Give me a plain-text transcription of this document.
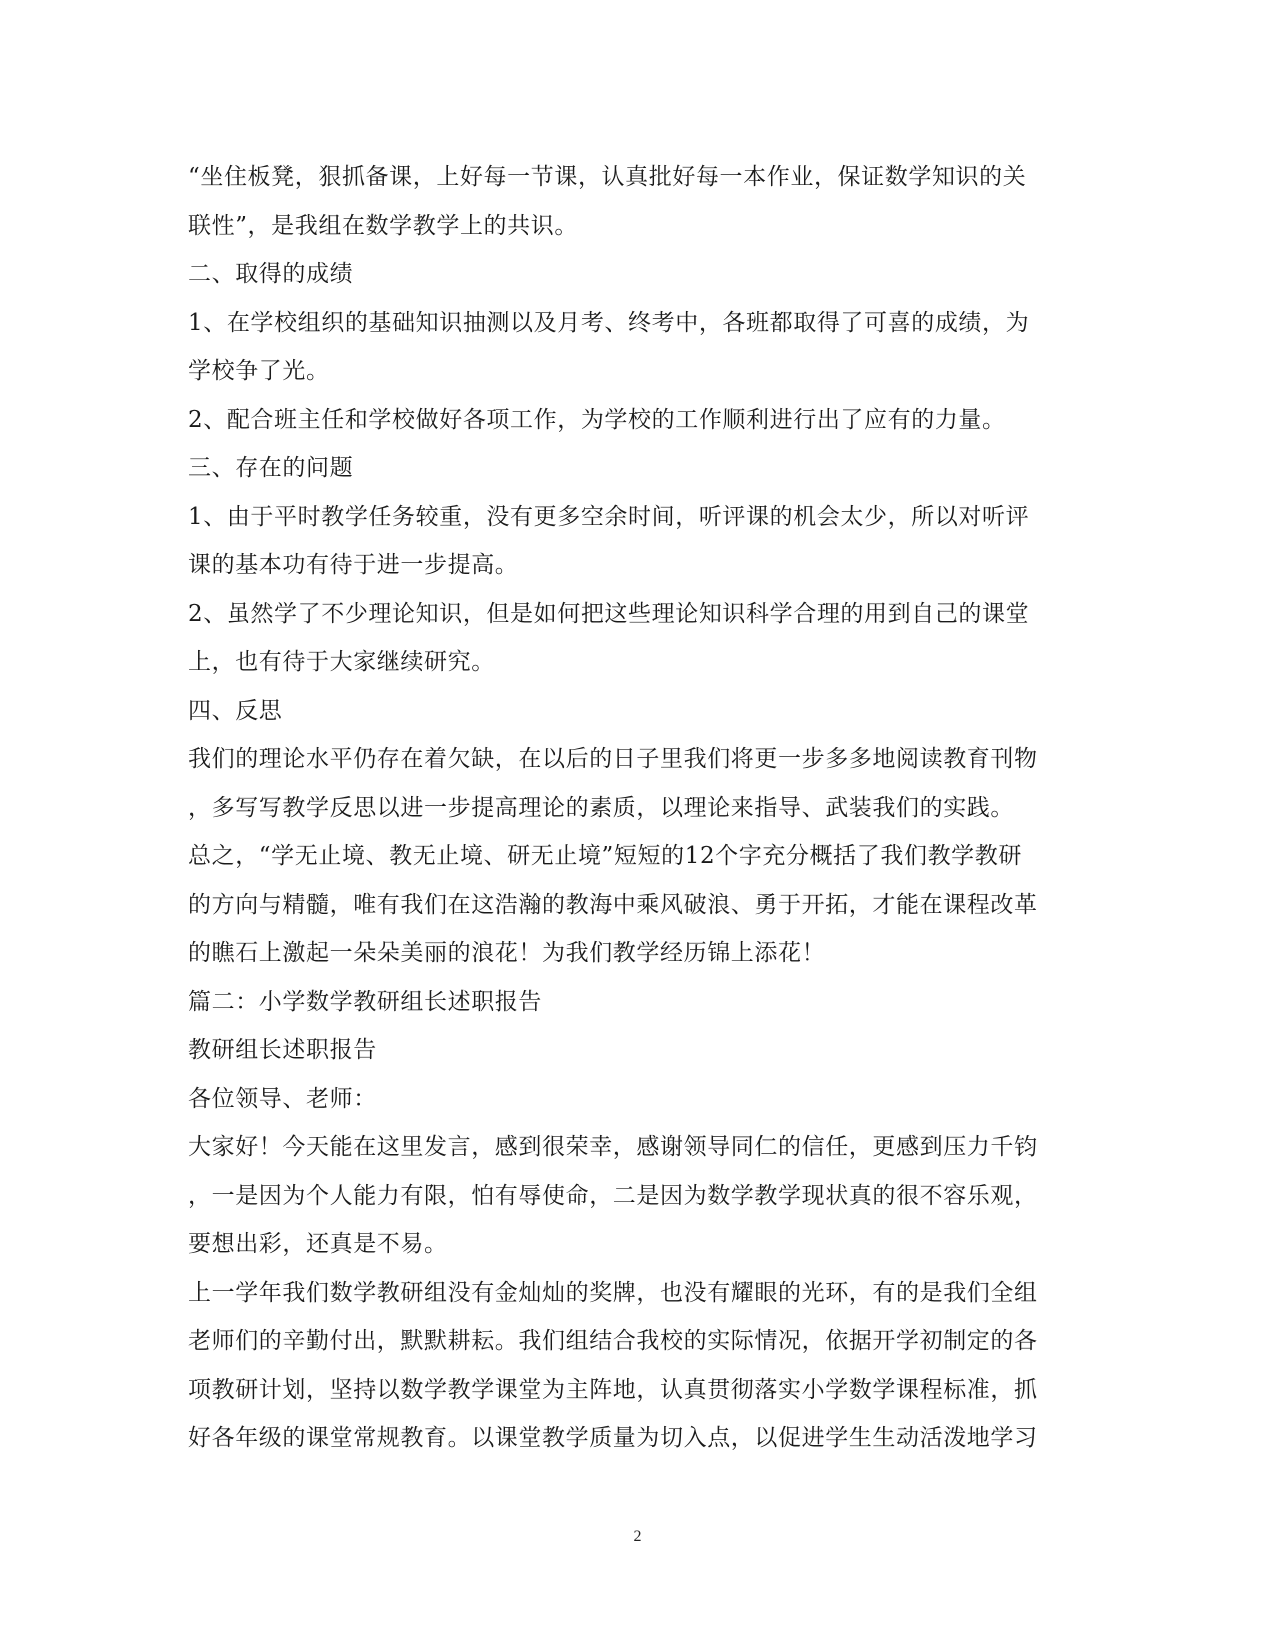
“坐住板凳，狠抓备课，上好每一节课，认真批好每一本作业，保证数学知识的关
联性”，是我组在数学教学上的共识。
二、取得的成绩
1、在学校组织的基础知识抽测以及月考、终考中，各班都取得了可喜的成绩，为
学校争了光。
2、配合班主任和学校做好各项工作，为学校的工作顺利进行出了应有的力量。
三、存在的问题
1、由于平时教学任务较重，没有更多空余时间，听评课的机会太少，所以对听评
课的基本功有待于进一步提高。
2、虽然学了不少理论知识，但是如何把这些理论知识科学合理的用到自己的课堂
上，也有待于大家继续研究。
四、反思
我们的理论水平仍存在着欠缺，在以后的日子里我们将更一步多多地阅读教育刊物
，多写写教学反思以进一步提高理论的素质，以理论来指导、武装我们的实践。
总之，“学无止境、教无止境、研无止境”短短的12个字充分概括了我们教学教研
的方向与精髓，唯有我们在这浩瀚的教海中乘风破浪、勇于开拓，才能在课程改革
的瞧石上激起一朵朵美丽的浪花！为我们教学经历锦上添花！
篇二：小学数学教研组长述职报告
教研组长述职报告
各位领导、老师：
大家好！今天能在这里发言，感到很荣幸，感谢领导同仁的信任，更感到压力千钧
，一是因为个人能力有限，怕有辱使命，二是因为数学教学现状真的很不容乐观，
要想出彩，还真是不易。
上一学年我们数学教研组没有金灿灿的奖牌，也没有耀眼的光环，有的是我们全组
老师们的辛勤付出，默默耕耘。我们组结合我校的实际情况，依据开学初制定的各
项教研计划，坚持以数学教学课堂为主阵地，认真贯彻落实小学数学课程标准，抓
好各年级的课堂常规教育。以课堂教学质量为切入点，以促进学生生动活泼地学习
2
